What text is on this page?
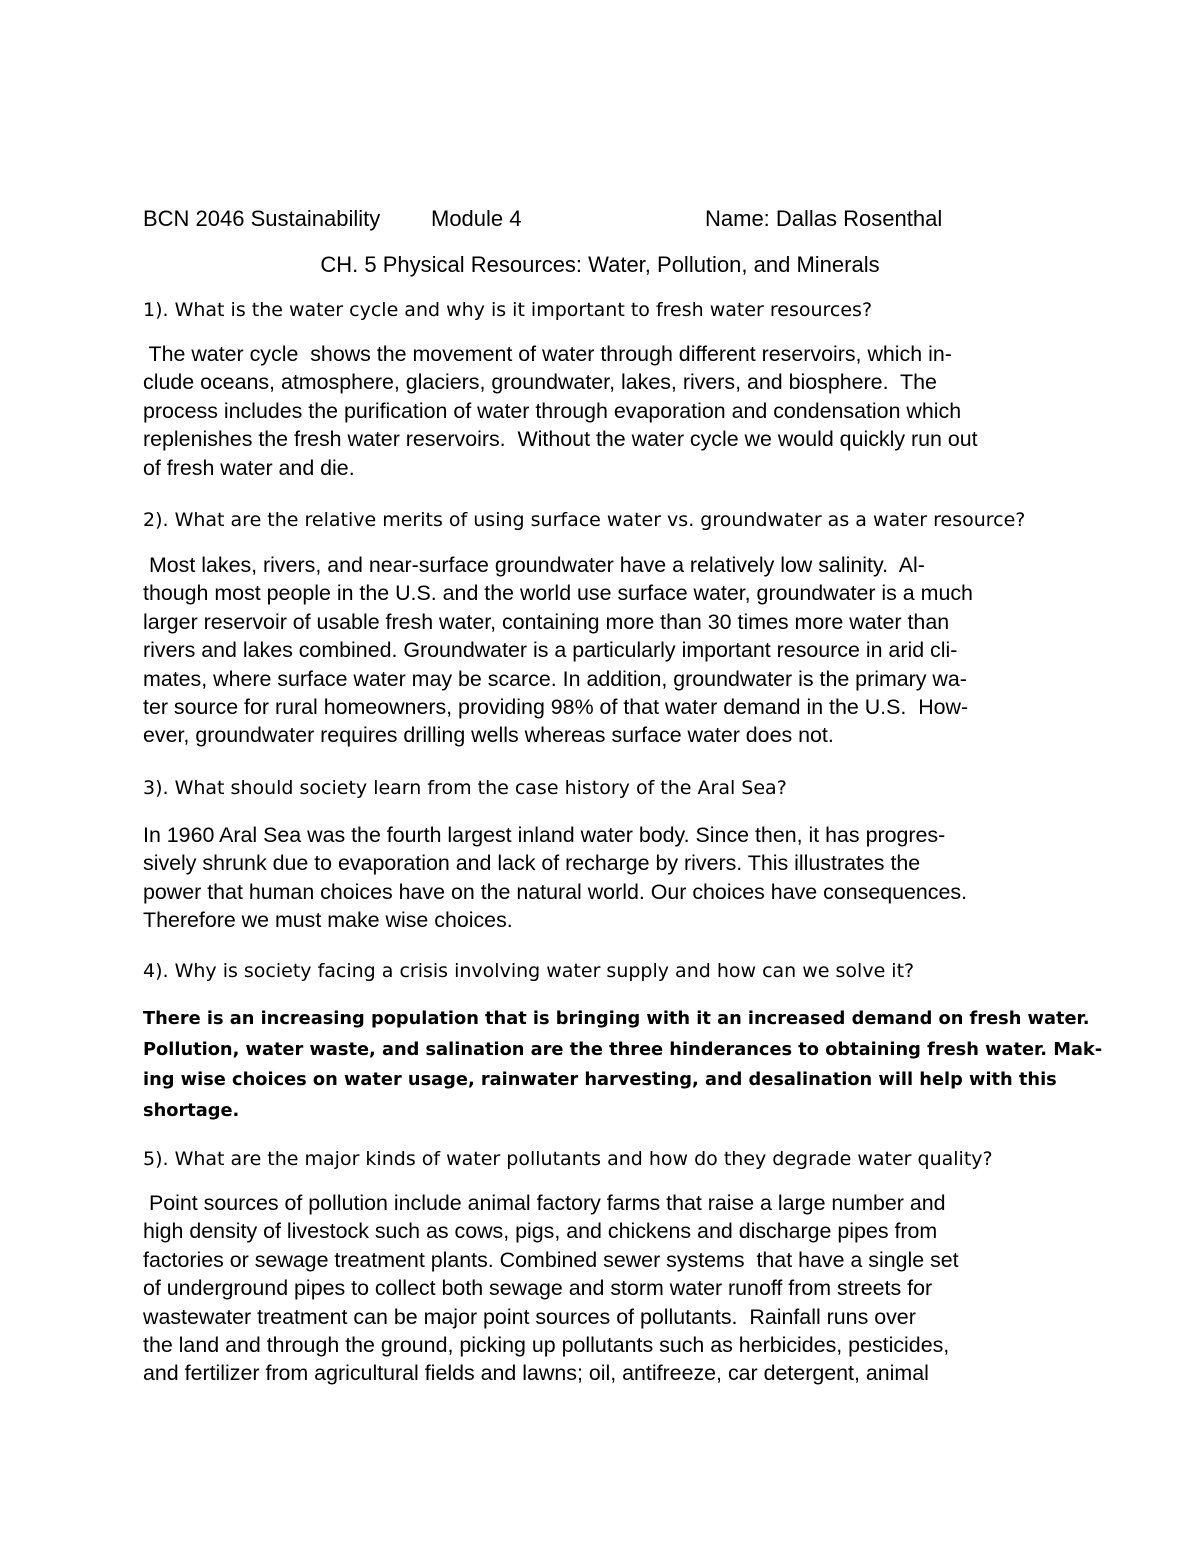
BCN 2046 Sustainability Module 4	Name: Dallas Rosenthal
CH. 5 Physical Resources: Water, Pollution, and Minerals
1). What is the water cycle and why is it important to fresh water resources?
The water cycle  shows the movement of water through different reservoirs, which in-
clude oceans, atmosphere, glaciers, groundwater, lakes, rivers, and biosphere.  The
process includes the purification of water through evaporation and condensation which
replenishes the fresh water reservoirs.  Without the water cycle we would quickly run out
of fresh water and die.
2). What are the relative merits of using surface water vs. groundwater as a water resource?
Most lakes, rivers, and near-surface groundwater have a relatively low salinity.  Al-
though most people in the U.S. and the world use surface water, groundwater is a much
larger reservoir of usable fresh water, containing more than 30 times more water than
rivers and lakes combined. Groundwater is a particularly important resource in arid cli-
mates, where surface water may be scarce. In addition, groundwater is the primary wa-
ter source for rural homeowners, providing 98% of that water demand in the U.S.  How-
ever, groundwater requires drilling wells whereas surface water does not.
3). What should society learn from the case history of the Aral Sea?
In 1960 Aral Sea was the fourth largest inland water body. Since then, it has progres-
sively shrunk due to evaporation and lack of recharge by rivers. This illustrates the
power that human choices have on the natural world. Our choices have consequences.
Therefore we must make wise choices.
4). Why is society facing a crisis involving water supply and how can we solve it?
There is an increasing population that is bringing with it an increased demand on fresh water.
Pollution, water waste, and salination are the three hinderances to obtaining fresh water. Mak-
ing wise choices on water usage, rainwater harvesting, and desalination will help with this
shortage.
5). What are the major kinds of water pollutants and how do they degrade water quality?
Point sources of pollution include animal factory farms that raise a large number and
high density of livestock such as cows, pigs, and chickens and discharge pipes from
factories or sewage treatment plants. Combined sewer systems  that have a single set
of underground pipes to collect both sewage and storm water runoff from streets for
wastewater treatment can be major point sources of pollutants.  Rainfall runs over
the land and through the ground, picking up pollutants such as herbicides, pesticides,
and fertilizer from agricultural fields and lawns; oil, antifreeze, car detergent, animal
